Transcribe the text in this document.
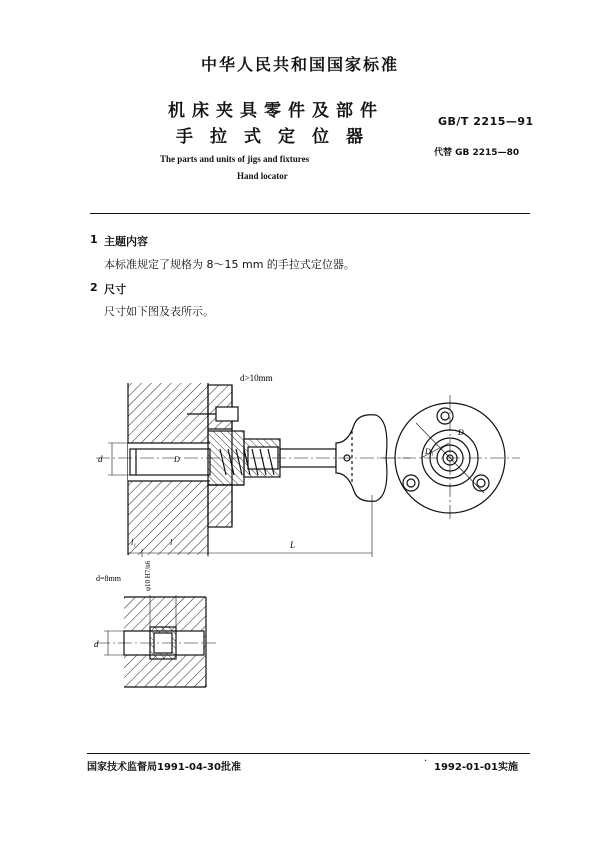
中华人民共和国国家标准
机床夹具零件及部件
手拉式定位器
GB/T 2215—91
代替 GB 2215—80
The parts and units of jigs and fixtures
Hand locator
1 主题内容
本标准规定了规格为 8～15 mm 的手拉式定位器。
2 尺寸
尺寸如下图及表所示。
d>10mm
d	D
D₁
D
l₁	l	L
d=8mm	φ10 H7/n6
d
国家技术监督局1991-04-30批准
·
1992-01-01实施
